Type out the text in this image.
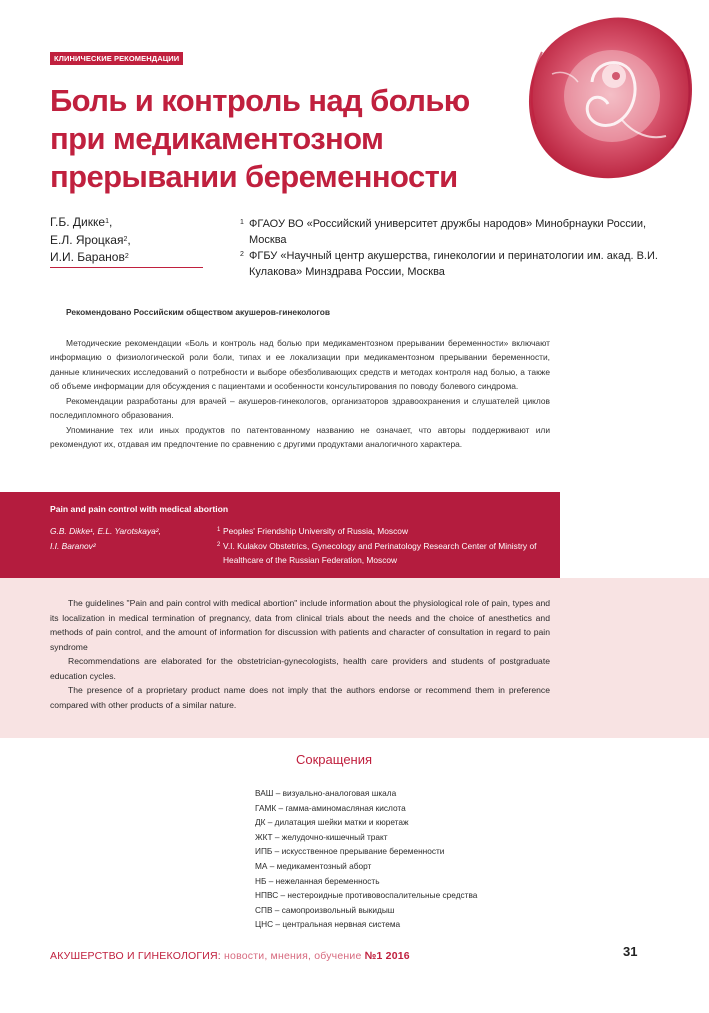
КЛИНИЧЕСКИЕ РЕКОМЕНДАЦИИ
Боль и контроль над болью
при медикаментозном
прерывании беременности
Г.Б. Дикке$^1$,
Е.Л. Яроцкая$^2$,
И.И. Баранов$^2$
1 ФГАОУ ВО «Российский университет дружбы народов» Минобрнауки России, Москва
2 ФГБУ «Научный центр акушерства, гинекологии и перинатологии им. акад. В.И. Кулакова» Минздрава России, Москва
Рекомендовано Российским обществом акушеров-гинекологов

Методические рекомендации «Боль и контроль над болью при медикаментозном прерывании беременности» включают информацию о физиологической роли боли, типах и ее локализации при медикаментозном прерывании беременности, данные клинических исследований о потребности и выборе обезболивающих средств и методах контроля над болью, а также об объеме информации для обсуждения с пациентами и особенности консультирования по поводу болевого синдрома.

Рекомендации разработаны для врачей – акушеров-гинекологов, организаторов здравоохранения и слушателей циклов последипломного образования.

Упоминание тех или иных продуктов по патентованному названию не означает, что авторы поддерживают или рекомендуют их, отдавая им предпочтение по сравнению с другими продуктами аналогичного характера.

Pain and pain control with medical abortion
G.B. Dikke¹, E.L. Yarotskaya²,
I.I. Baranov²
1 Peoples' Friendship University of Russia, Moscow
2 V.I. Kulakov Obstetrics, Gynecology and Perinatology Research Center of Ministry of Healthcare of the Russian Federation, Moscow

The guidelines "Pain and pain control with medical abortion" include information about the physiological role of pain, types and its localization in medical termination of pregnancy, data from clinical trials about the needs and the choice of anesthetics and methods of pain control, and the amount of information for discussion with patients and character of consultation in regard to pain syndrome

Recommendations are elaborated for the obstetrician-gynecologists, health care providers and students of postgraduate education cycles.

The presence of a proprietary product name does not imply that the authors endorse or recommend them in preference compared with other products of a similar nature.

Сокращения
ВАШ – визуально-аналоговая шкала
ГАМК – гамма-аминомасляная кислота
ДК – дилатация шейки матки и кюретаж
ЖКТ – желудочно-кишечный тракт
ИПБ – искусственное прерывание беременности
МА – медикаментозный аборт
НБ – нежеланная беременность
НПВС – нестероидные противовоспалительные средства
СПВ – самопроизвольный выкидыш
ЦНС – центральная нервная система
АКУШЕРСТВО И ГИНЕКОЛОГИЯ: новости, мнения, обучение №1 2016	31
